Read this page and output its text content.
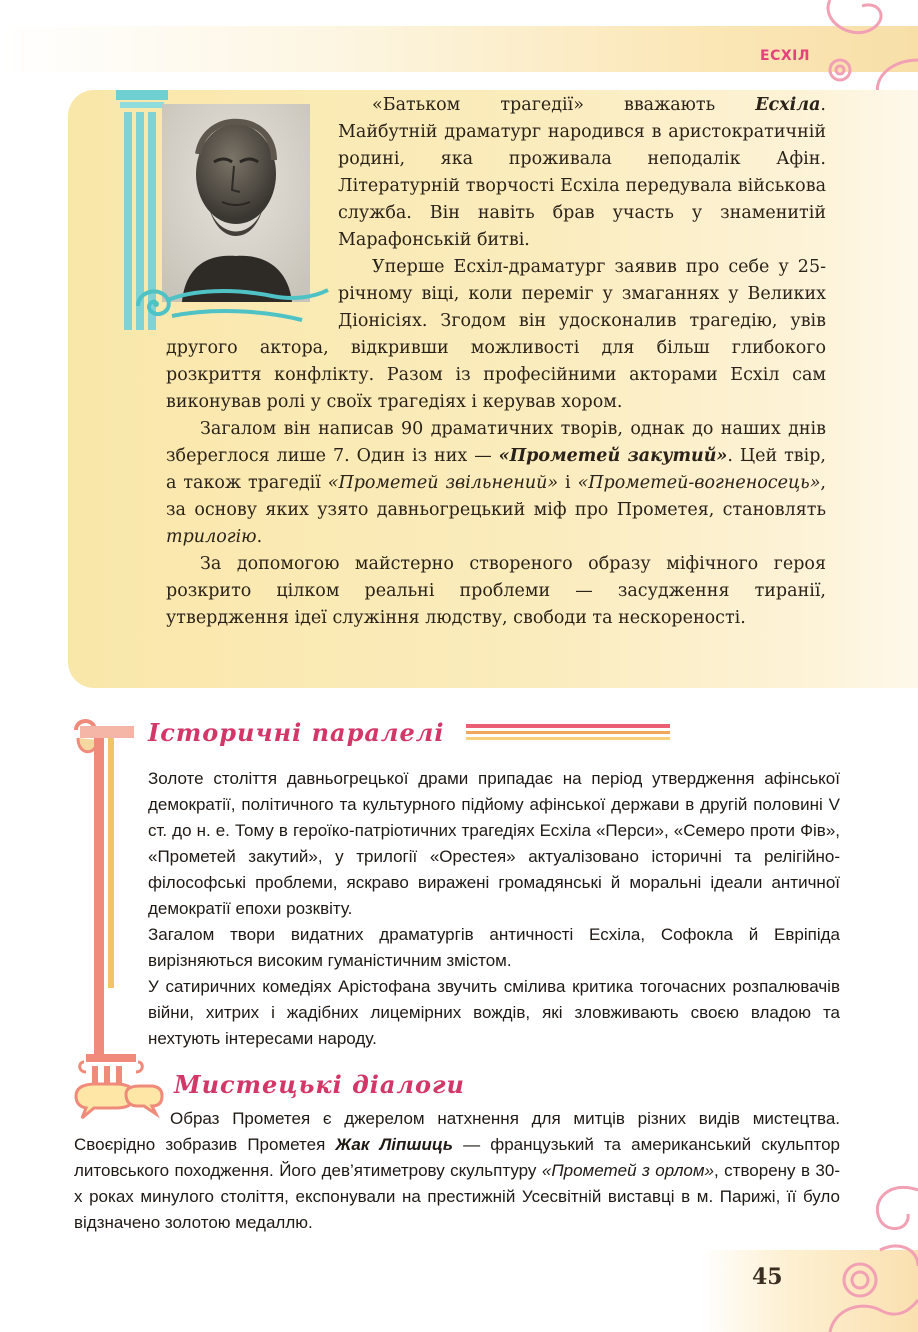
ЕСХІЛ

«Батьком трагедії» вважають Есхіла. Майбутній драматург народився в аристократичній родині, яка проживала неподалік Афін. Літературній творчості Есхіла передувала військова служба. Він навіть брав участь у знаменитій Марафонській битві.

Уперше Есхіл-драматург заявив про себе у 25-річному віці, коли переміг у змаганнях у Великих Діонісіях. Згодом він удосконалив трагедію, увів другого актора, відкривши можливості для більш глибокого розкриття конфлікту. Разом із професійними акторами Есхіл сам виконував ролі у своїх трагедіях і керував хором.

Загалом він написав 90 драматичних творів, однак до наших днів збереглося лише 7. Один із них — «Прометей закутий». Цей твір, а також трагедії «Прометей звільнений» і «Прометей-вогненосець», за основу яких узято давньогрецький міф про Прометея, становлять трилогію.

За допомогою майстерно створеного образу міфічного героя розкрито цілком реальні проблеми — засудження тиранії, утвердження ідеї служіння людству, свободи та нескореності.

Історичні паралелі

Золоте століття давньогрецької драми припадає на період утвердження афінської демократії, політичного та культурного підйому афінської держави в другій половині V ст. до н. е. Тому в героїко-патріотичних трагедіях Есхіла «Перси», «Семеро проти Фів», «Прометей закутий», у трилогії «Орестея» актуалізовано історичні та релігійно-філософські проблеми, яскраво виражені громадянські й моральні ідеали античної демократії епохи розквіту.

Загалом твори видатних драматургів античності Есхіла, Софокла й Евріпіда вирізняються високим гуманістичним змістом.

У сатиричних комедіях Арістофана звучить смілива критика тогочасних розпалювачів війни, хитрих і жадібних лицемірних вождів, які зловживають своєю владою та нехтують інтересами народу.

Мистецькі діалоги

Образ Прометея є джерелом натхнення для митців різних видів мистецтва. Своєрідно зобразив Прометея Жак Ліпшиць — французький та американський скульптор литовського походження. Його дев’ятиметрову скульптуру «Прометей з орлом», створену в 30-х роках минулого століття, експонували на престижній Усесвітній виставці в м. Парижі, її було відзначено золотою медаллю.

45
